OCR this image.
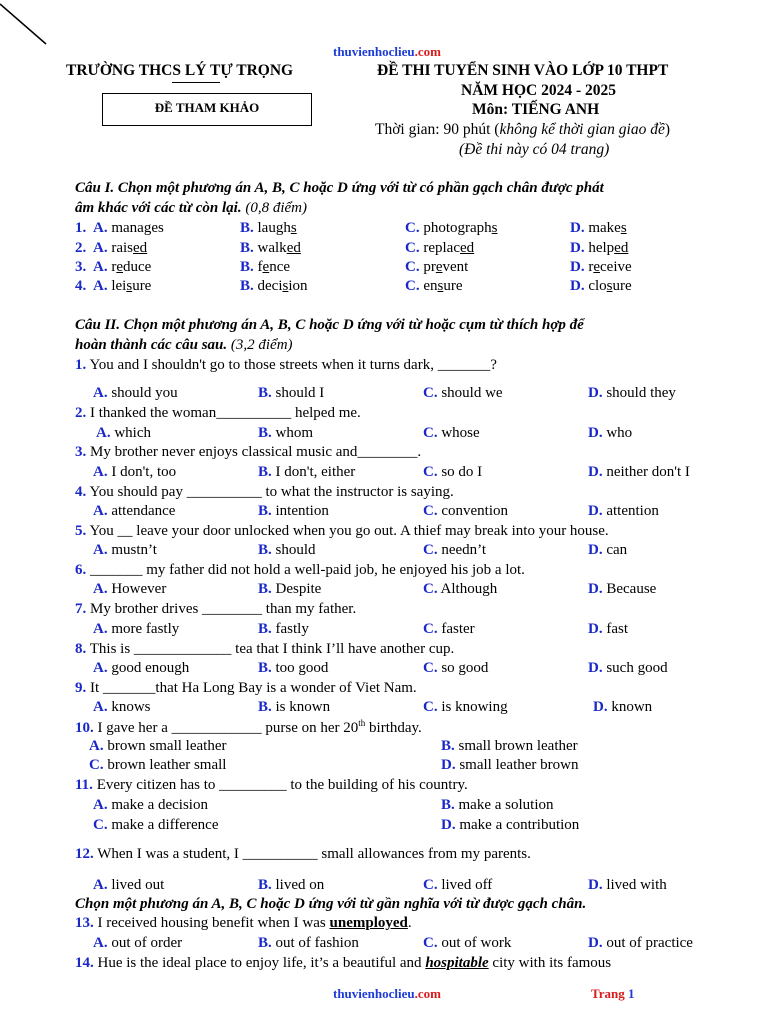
thuvienhoclieu.com
TRƯỜNG THCS LÝ TỰ TRỌNG
ĐỀ THAM KHẢO
ĐỀ THI TUYỂN SINH VÀO LỚP 10 THPT
NĂM HỌC 2024 - 2025
Môn: TIẾNG ANH
Thời gian: 90 phút (không kể thời gian giao đề)
(Đề thi này có 04 trang)
Câu I. Chọn một phương án A, B, C hoặc D ứng với từ có phần gạch chân được phát
âm khác với các từ còn lại. (0,8 điểm)
1. A. manages	B. laughs	C. photographs	D. makes
2. A. raised	B. walked	C. replaced	D. helped
3. A. reduce	B. fence	C. prevent	D. receive
4. A. leisure	B. decision	C. ensure	D. closure
Câu II. Chọn một phương án A, B, C hoặc D ứng với từ hoặc cụm từ thích hợp để
hoàn thành các câu sau. (3,2 điểm)
1. You and I shouldn't go to those streets when it turns dark, _______?
A. should you	B. should I	C. should we	D. should they
2. I thanked the woman__________ helped me.
A. which	B. whom	C. whose	D. who
3. My brother never enjoys classical music and________.
A. I don't, too	B. I don't, either	C. so do I	D. neither don't I
4. You should pay __________ to what the instructor is saying.
A. attendance	B. intention	C. convention	D. attention
5. You __ leave your door unlocked when you go out. A thief may break into your house.
A. mustn’t	B. should	C. needn’t	D. can
6. _______ my father did not hold a well-paid job, he enjoyed his job a lot.
A. However	B. Despite	C. Although	D. Because
7. My brother drives ________ than my father.
A. more fastly	B. fastly	C. faster	D. fast
8. This is _____________ tea that I think I’ll have another cup.
A. good enough	B. too good	C. so good	D. such good
9. It _______that Ha Long Bay is a wonder of Viet Nam.
A. knows	B. is known	C. is knowing	D. known
10. I gave her a ____________ purse on her 20th birthday.
A. brown small leather	B. small brown leather
C. brown leather small	D. small leather brown
11. Every citizen has to _________ to the building of his country.
A. make a decision	B. make a solution
C. make a difference	D. make a contribution
12. When I was a student, I __________ small allowances from my parents.
A. lived out	B. lived on	C. lived off	D. lived with
Chọn một phương án A, B, C hoặc D ứng với từ gần nghĩa với từ được gạch chân.
13. I received housing benefit when I was unemployed.
A. out of order	B. out of fashion	C. out of work	D. out of practice
14. Hue is the ideal place to enjoy life, it’s a beautiful and hospitable city with its famous
thuvienhoclieu.com	Trang 1
